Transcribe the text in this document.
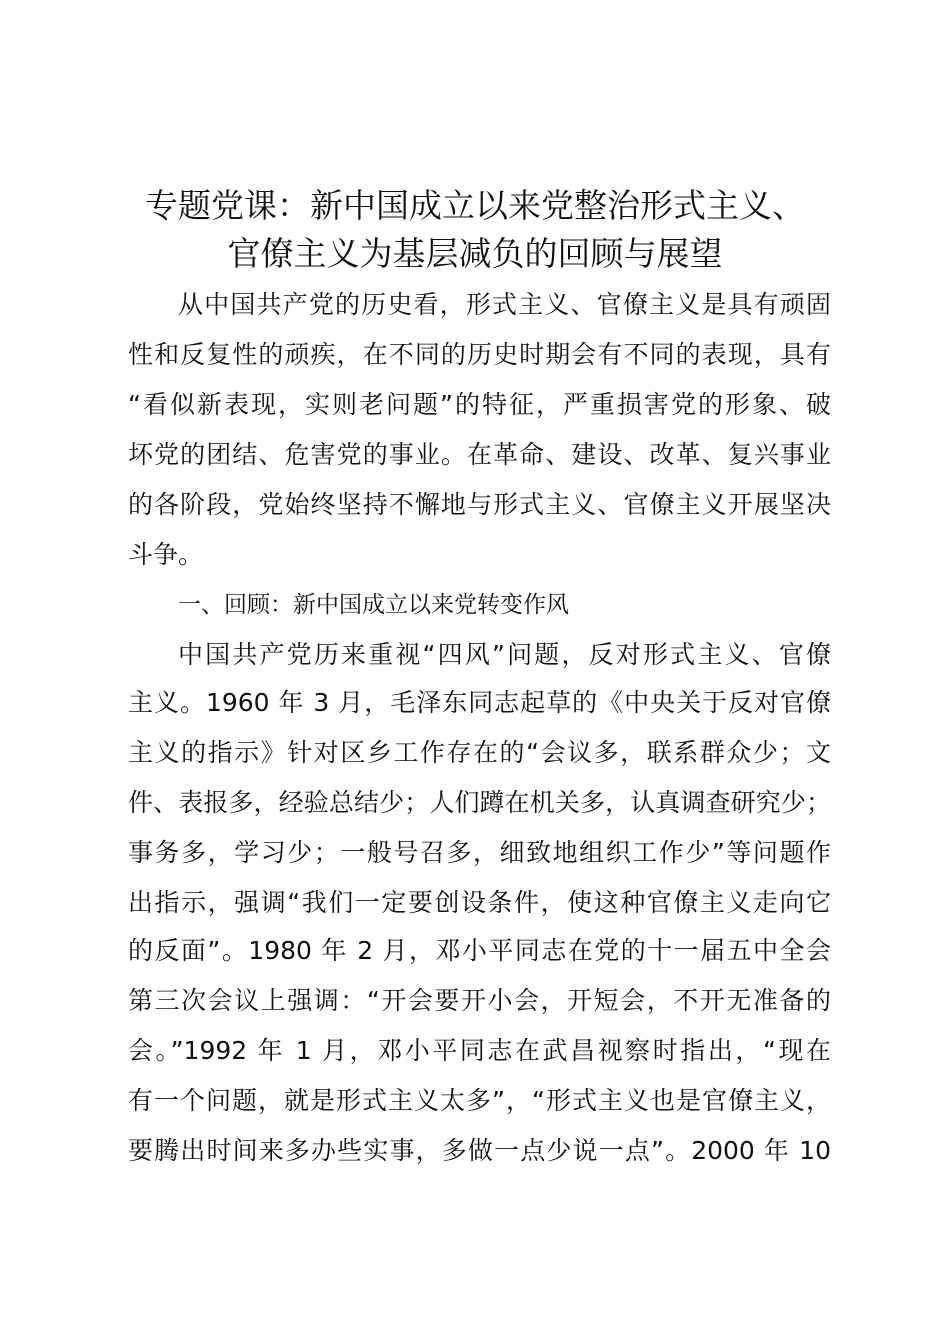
专题党课：新中国成立以来党整治形式主义、
官僚主义为基层减负的回顾与展望
从中国共产党的历史看，形式主义、官僚主义是具有顽固
性和反复性的顽疾，在不同的历史时期会有不同的表现，具有
“看似新表现，实则老问题”的特征，严重损害党的形象、破
坏党的团结、危害党的事业。在革命、建设、改革、复兴事业
的各阶段，党始终坚持不懈地与形式主义、官僚主义开展坚决
斗争。
一、回顾：新中国成立以来党转变作风
中国共产党历来重视“四风”问题，反对形式主义、官僚
主义。1960 年 3 月，毛泽东同志起草的《中央关于反对官僚
主义的指示》针对区乡工作存在的“会议多，联系群众少；文
件、表报多，经验总结少；人们蹲在机关多，认真调查研究少；
事务多，学习少；一般号召多，细致地组织工作少”等问题作
出指示，强调“我们一定要创设条件，使这种官僚主义走向它
的反面”。1980 年 2 月，邓小平同志在党的十一届五中全会
第三次会议上强调：“开会要开小会，开短会，不开无准备的
会。”1992 年 1 月，邓小平同志在武昌视察时指出，“现在
有一个问题，就是形式主义太多”，“形式主义也是官僚主义，
要腾出时间来多办些实事，多做一点少说一点”。2000 年 10
